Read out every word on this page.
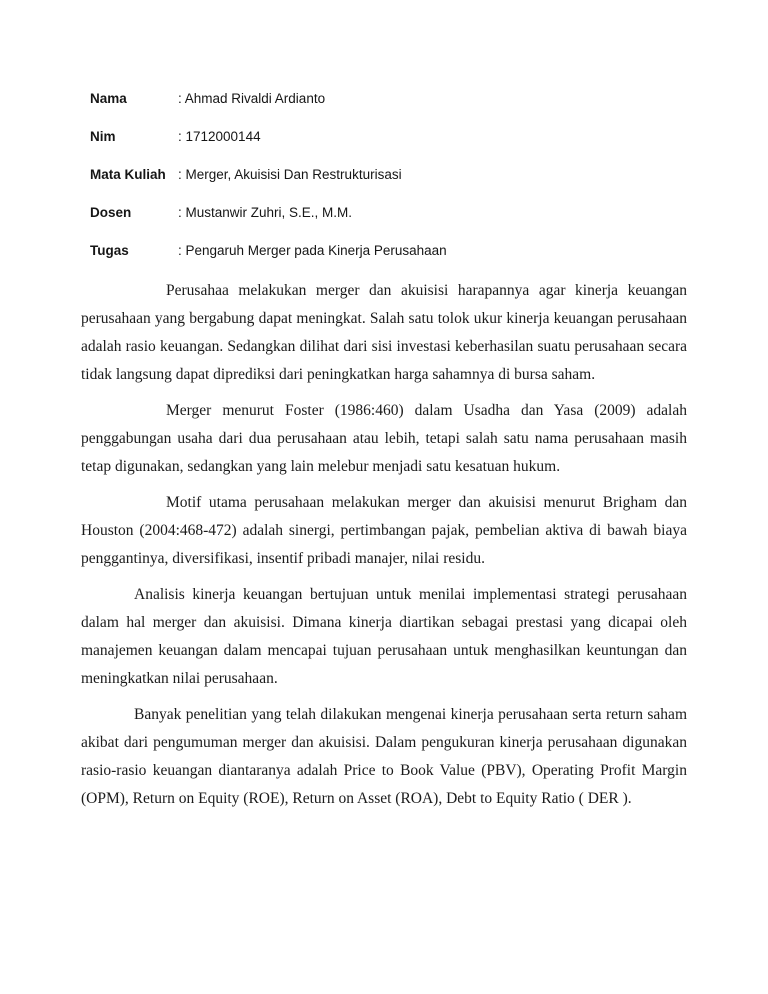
Nama	: Ahmad Rivaldi Ardianto
Nim	: 1712000144
Mata Kuliah : Merger, Akuisisi Dan Restrukturisasi
Dosen	: Mustanwir Zuhri, S.E., M.M.
Tugas	: Pengaruh Merger pada Kinerja Perusahaan

Perusahaa melakukan merger dan akuisisi harapannya agar kinerja keuangan perusahaan yang bergabung dapat meningkat. Salah satu tolok ukur kinerja keuangan perusahaan adalah rasio keuangan. Sedangkan dilihat dari sisi investasi keberhasilan suatu perusahaan secara tidak langsung dapat diprediksi dari peningkatkan harga sahamnya di bursa saham.

Merger menurut Foster (1986:460) dalam Usadha dan Yasa (2009) adalah penggabungan usaha dari dua perusahaan atau lebih, tetapi salah satu nama perusahaan masih tetap digunakan, sedangkan yang lain melebur menjadi satu kesatuan hukum.

Motif utama perusahaan melakukan merger dan akuisisi menurut Brigham dan Houston (2004:468-472) adalah sinergi, pertimbangan pajak, pembelian aktiva di bawah biaya penggantinya, diversifikasi, insentif pribadi manajer, nilai residu.

Analisis kinerja keuangan bertujuan untuk menilai implementasi strategi perusahaan dalam hal merger dan akuisisi. Dimana kinerja diartikan sebagai prestasi yang dicapai oleh manajemen keuangan dalam mencapai tujuan perusahaan untuk menghasilkan keuntungan dan meningkatkan nilai perusahaan.

Banyak penelitian yang telah dilakukan mengenai kinerja perusahaan serta return saham akibat dari pengumuman merger dan akuisisi. Dalam pengukuran kinerja perusahaan digunakan rasio-rasio keuangan diantaranya adalah Price to Book Value (PBV), Operating Profit Margin (OPM), Return on Equity (ROE), Return on Asset (ROA), Debt to Equity Ratio ( DER ).
